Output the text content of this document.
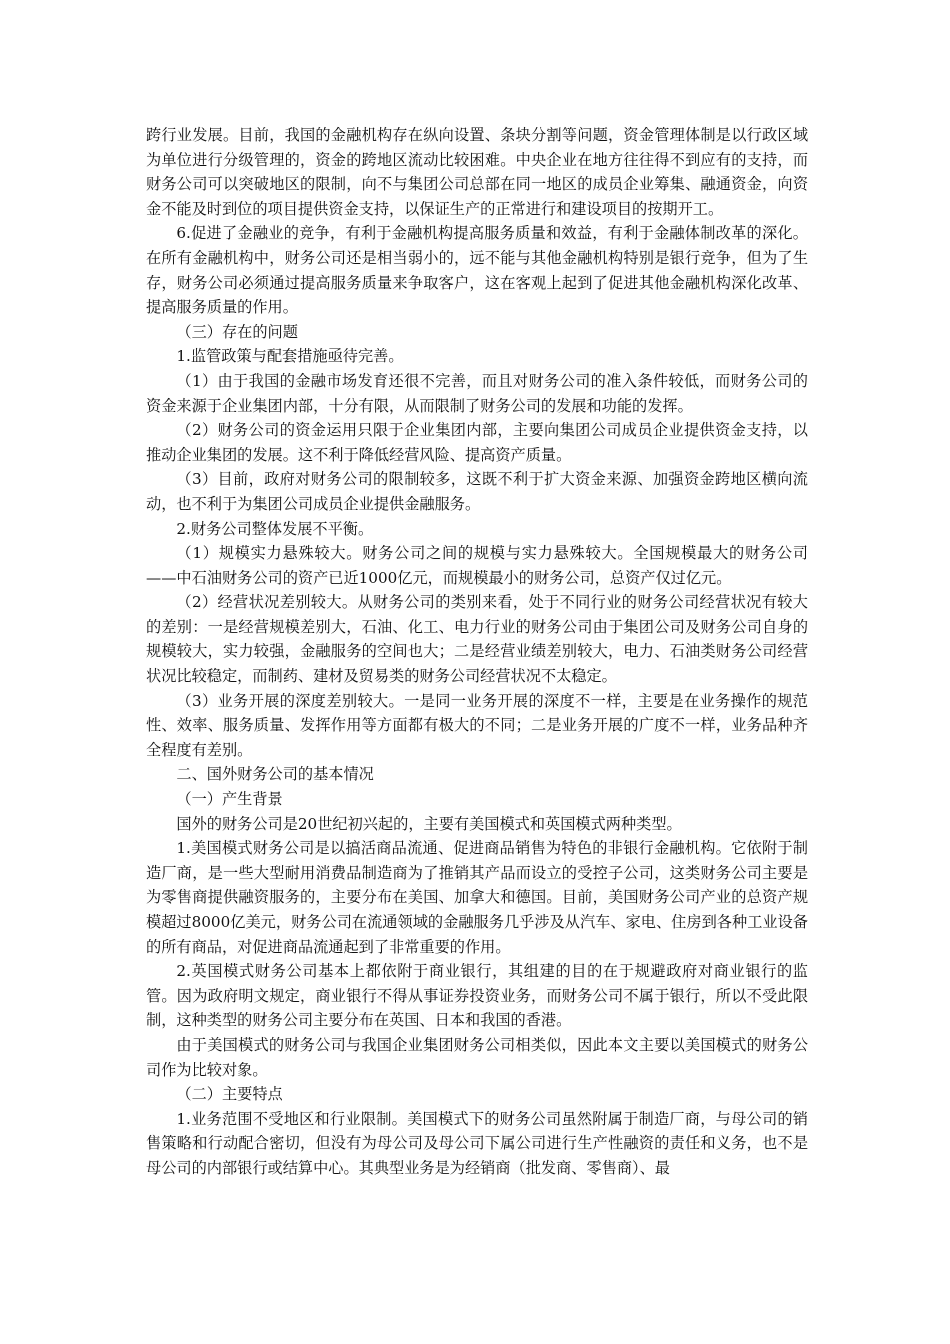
跨行业发展。目前，我国的金融机构存在纵向设置、条块分割等问题，资金管理体制是以行政区域为单位进行分级管理的，资金的跨地区流动比较困难。中央企业在地方往往得不到应有的支持，而财务公司可以突破地区的限制，向不与集团公司总部在同一地区的成员企业筹集、融通资金，向资金不能及时到位的项目提供资金支持，以保证生产的正常进行和建设项目的按期开工。

6.促进了金融业的竞争，有利于金融机构提高服务质量和效益，有利于金融体制改革的深化。在所有金融机构中，财务公司还是相当弱小的，远不能与其他金融机构特别是银行竞争，但为了生存，财务公司必须通过提高服务质量来争取客户，这在客观上起到了促进其他金融机构深化改革、提高服务质量的作用。

（三）存在的问题

1.监管政策与配套措施亟待完善。

（1）由于我国的金融市场发育还很不完善，而且对财务公司的准入条件较低，而财务公司的资金来源于企业集团内部，十分有限，从而限制了财务公司的发展和功能的发挥。

（2）财务公司的资金运用只限于企业集团内部，主要向集团公司成员企业提供资金支持，以推动企业集团的发展。这不利于降低经营风险、提高资产质量。

（3）目前，政府对财务公司的限制较多，这既不利于扩大资金来源、加强资金跨地区横向流动，也不利于为集团公司成员企业提供金融服务。

2.财务公司整体发展不平衡。

（1）规模实力悬殊较大。财务公司之间的规模与实力悬殊较大。全国规模最大的财务公司——中石油财务公司的资产已近1000亿元，而规模最小的财务公司，总资产仅过亿元。

（2）经营状况差别较大。从财务公司的类别来看，处于不同行业的财务公司经营状况有较大的差别：一是经营规模差别大，石油、化工、电力行业的财务公司由于集团公司及财务公司自身的规模较大，实力较强，金融服务的空间也大；二是经营业绩差别较大，电力、石油类财务公司经营状况比较稳定，而制药、建材及贸易类的财务公司经营状况不太稳定。

（3）业务开展的深度差别较大。一是同一业务开展的深度不一样，主要是在业务操作的规范性、效率、服务质量、发挥作用等方面都有极大的不同；二是业务开展的广度不一样，业务品种齐全程度有差别。

二、国外财务公司的基本情况

（一）产生背景

国外的财务公司是20世纪初兴起的，主要有美国模式和英国模式两种类型。

1.美国模式财务公司是以搞活商品流通、促进商品销售为特色的非银行金融机构。它依附于制造厂商，是一些大型耐用消费品制造商为了推销其产品而设立的受控子公司，这类财务公司主要是为零售商提供融资服务的，主要分布在美国、加拿大和德国。目前，美国财务公司产业的总资产规模超过8000亿美元，财务公司在流通领域的金融服务几乎涉及从汽车、家电、住房到各种工业设备的所有商品，对促进商品流通起到了非常重要的作用。

2.英国模式财务公司基本上都依附于商业银行，其组建的目的在于规避政府对商业银行的监管。因为政府明文规定，商业银行不得从事证券投资业务，而财务公司不属于银行，所以不受此限制，这种类型的财务公司主要分布在英国、日本和我国的香港。

由于美国模式的财务公司与我国企业集团财务公司相类似，因此本文主要以美国模式的财务公司作为比较对象。

（二）主要特点

1.业务范围不受地区和行业限制。美国模式下的财务公司虽然附属于制造厂商，与母公司的销售策略和行动配合密切，但没有为母公司及母公司下属公司进行生产性融资的责任和义务，也不是母公司的内部银行或结算中心。其典型业务是为经销商（批发商、零售商）、最
